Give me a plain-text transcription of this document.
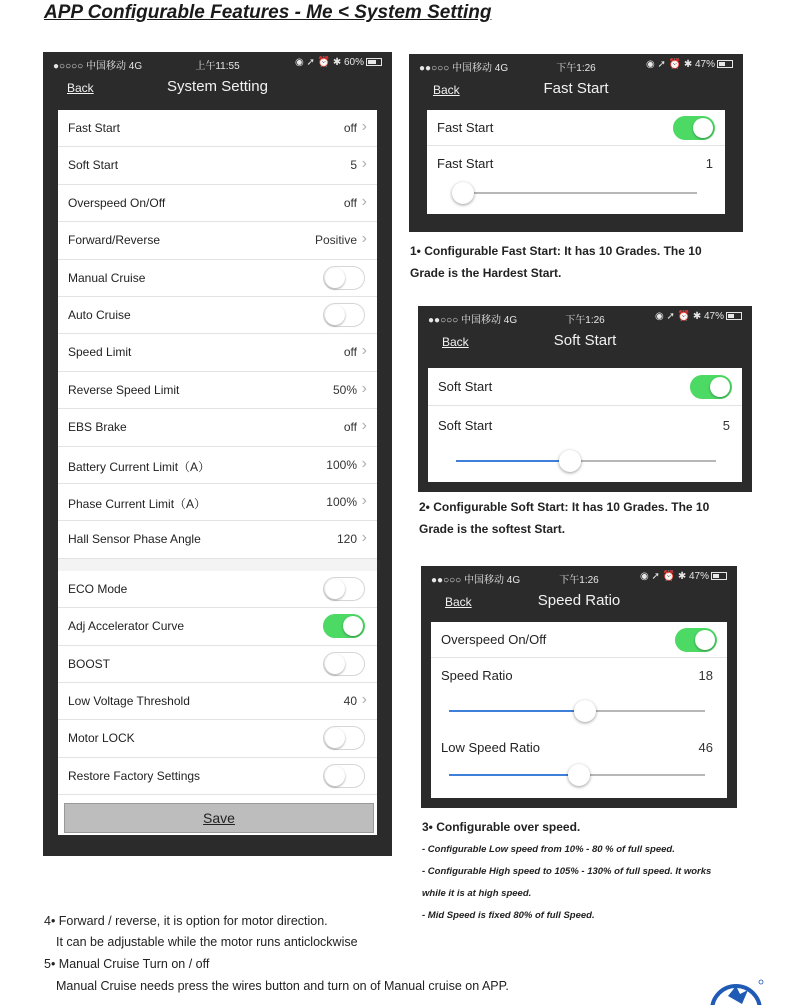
APP Configurable Features - Me < System Setting
●○○○○ 中国移动 4G	上午11:55	◉ ➚ ⏰ ✱ 60%
Back	System Setting
Fast Start	off ›
Soft Start	5 ›
Overspeed On/Off	off ›
Forward/Reverse	Positive ›
Manual Cruise
Auto Cruise
Speed Limit	off ›
Reverse Speed Limit	50% ›
EBS Brake	off ›
Battery Current Limit（A）	100% ›
Phase Current Limit（A）	100% ›
Hall Sensor Phase Angle	120 ›
ECO Mode
Adj Accelerator Curve
BOOST
Low Voltage Threshold	40 ›
Motor LOCK
Restore Factory Settings
Save
●●○○○ 中国移动 4G	下午1:26	◉ ➚ ⏰ ✱ 47%
Back	Fast Start
Fast Start
Fast Start	1
1• Configurable Fast Start: It has 10 Grades. The 10
Grade is the Hardest Start.
●●○○○ 中国移动 4G	下午1:26	◉ ➚ ⏰ ✱ 47%
Back	Soft Start
Soft Start
Soft Start	5
2• Configurable Soft Start: It has 10 Grades. The 10
Grade is the softest Start.
●●○○○ 中国移动 4G	下午1:26	◉ ➚ ⏰ ✱ 47%
Back	Speed Ratio
Overspeed On/Off
Speed Ratio	18
Low Speed Ratio	46
3• Configurable over speed.
- Configurable Low speed from 10% - 80 % of full speed.
- Configurable High speed to 105% - 130% of full speed. It works
while it is at high speed.
- Mid Speed is fixed 80% of full Speed.
4• Forward / reverse, it is option for motor direction.
It can be adjustable while the motor runs anticlockwise
5• Manual Cruise Turn on / off
Manual Cruise needs press the wires button and turn on of Manual cruise on APP.
